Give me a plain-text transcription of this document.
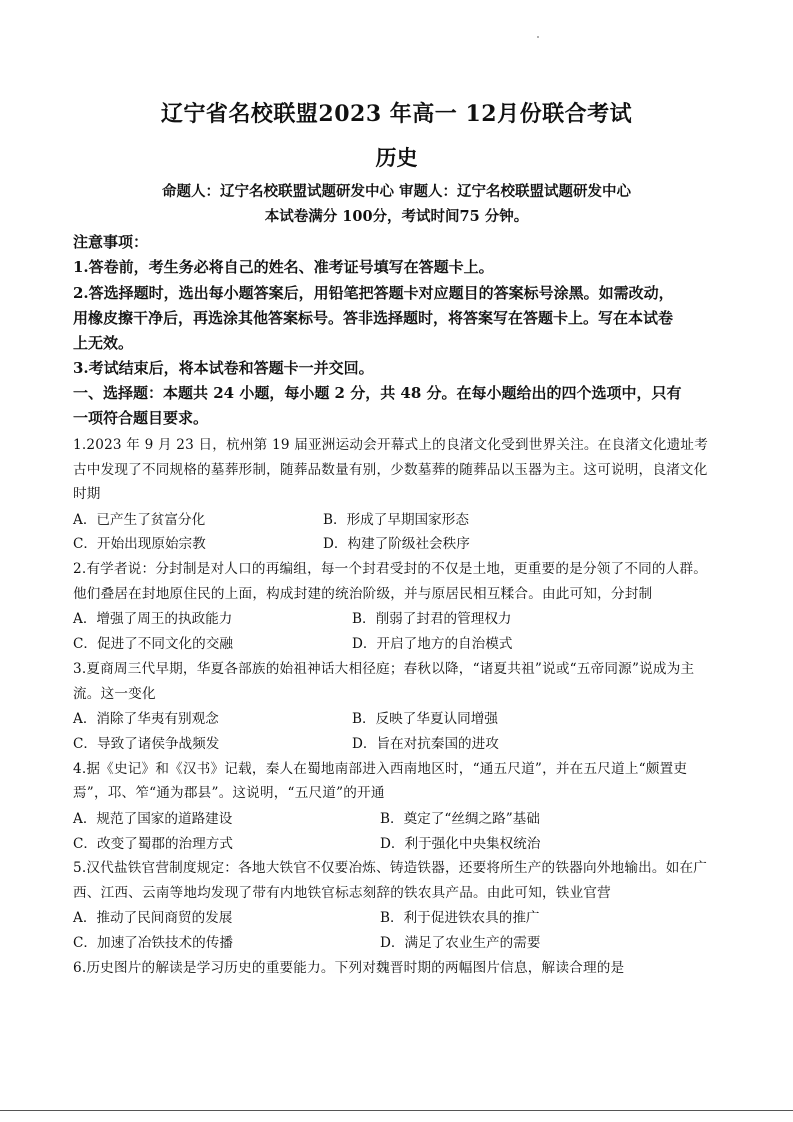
辽宁省名校联盟2023 年高一 12月份联合考试
历史
命题人：辽宁名校联盟试题研发中心 审题人：辽宁名校联盟试题研发中心
本试卷满分 100分，考试时间75 分钟。
注意事项：
1.答卷前，考生务必将自己的姓名、准考证号填写在答题卡上。
2.答选择题时，选出每小题答案后，用铅笔把答题卡对应题目的答案标号涂黑。如需改动，
用橡皮擦干净后，再选涂其他答案标号。答非选择题时，将答案写在答题卡上。写在本试卷
上无效。
3.考试结束后，将本试卷和答题卡一并交回。
一、选择题：本题共 24 小题，每小题 2 分，共 48 分。在每小题给出的四个选项中，只有
一项符合题目要求。
1.2023 年 9 月 23 日，杭州第 19 届亚洲运动会开幕式上的良渚文化受到世界关注。在良渚文化遗址考
古中发现了不同规格的墓葬形制，随葬品数量有别，少数墓葬的随葬品以玉器为主。这可说明，良渚文化
时期
A．已产生了贫富分化	B．形成了早期国家形态
C．开始出现原始宗教	D．构建了阶级社会秩序
2.有学者说：分封制是对人口的再编组，每一个封君受封的不仅是土地，更重要的是分领了不同的人群。
他们叠居在封地原住民的上面，构成封建的统治阶级，并与原居民相互糅合。由此可知，分封制
A．增强了周王的执政能力	B．削弱了封君的管理权力
C．促进了不同文化的交融	D．开启了地方的自治模式
3.夏商周三代早期，华夏各部族的始祖神话大相径庭；春秋以降，“诸夏共祖”说或“五帝同源”说成为主
流。这一变化
A．消除了华夷有别观念	B．反映了华夏认同增强
C．导致了诸侯争战频发	D．旨在对抗秦国的进攻
4.据《史记》和《汉书》记载，秦人在蜀地南部进入西南地区时，“通五尺道”，并在五尺道上“颇置吏
焉”，邛、笮“通为郡县”。这说明，“五尺道”的开通
A．规范了国家的道路建设	B．奠定了“丝绸之路”基础
C．改变了蜀郡的治理方式	D．利于强化中央集权统治
5.汉代盐铁官营制度规定：各地大铁官不仅要冶炼、铸造铁器，还要将所生产的铁器向外地输出。如在广
西、江西、云南等地均发现了带有内地铁官标志刻辞的铁农具产品。由此可知，铁业官营
A．推动了民间商贸的发展	B．利于促进铁农具的推广
C．加速了冶铁技术的传播	D．满足了农业生产的需要
6.历史图片的解读是学习历史的重要能力。下列对魏晋时期的两幅图片信息，解读合理的是
